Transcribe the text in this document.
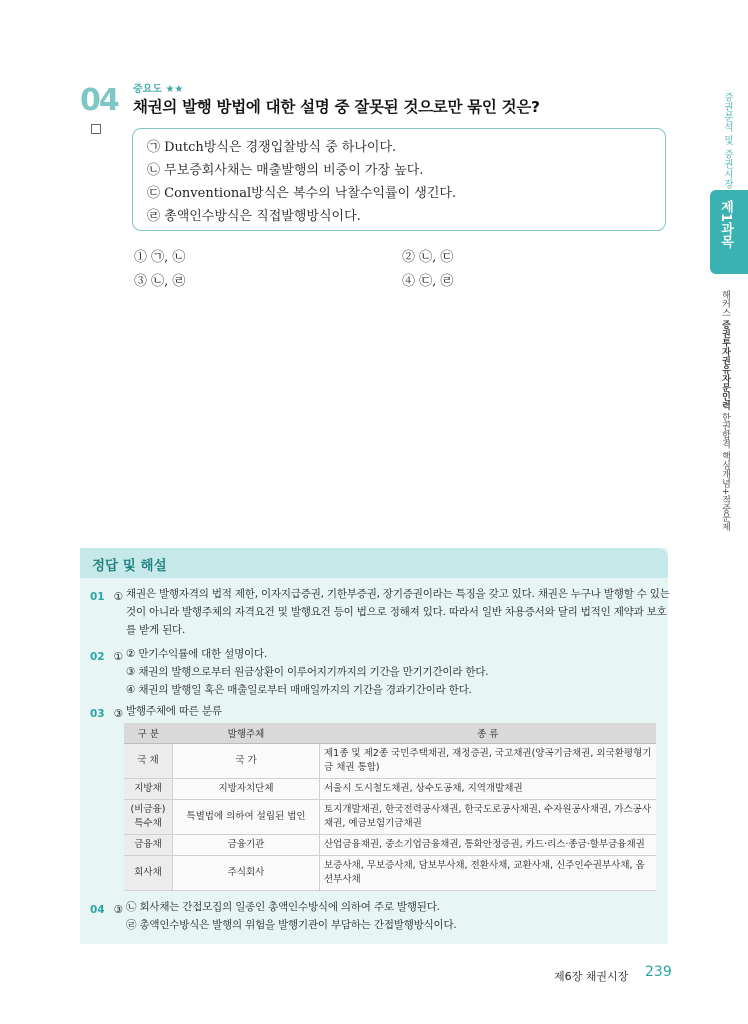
04 중요도 ★★
채권의 발행 방법에 대한 설명 중 잘못된 것으로만 묶인 것은?
㉠ Dutch방식은 경쟁입찰방식 중 하나이다.
㉡ 무보증회사채는 매출발행의 비중이 가장 높다.
㉢ Conventional방식은 복수의 낙찰수익률이 생긴다.
㉣ 총액인수방식은 직접발행방식이다.
① ㉠, ㉡	② ㉡, ㉢
③ ㉡, ㉣	④ ㉢, ㉣
증권분석 및 증권시장
제1과목
해커스 증권투자권유자문인력 한권합격 핵심개념+적중문제
정답 및 해설
01 ① 채권은 발행자격의 법적 제한, 이자지급증권, 기한부증권, 장기증권이라는 특징을 갖고 있다. 채권은 누구나 발행할 수 있는
것이 아니라 발행주체의 자격요건 및 발행요건 등이 법으로 정해져 있다. 따라서 일반 차용증서와 달리 법적인 제약과 보호
를 받게 된다.
02 ① ② 만기수익률에 대한 설명이다.
③ 채권의 발행으로부터 원금상환이 이루어지기까지의 기간을 만기기간이라 한다.
④ 채권의 발행일 혹은 매출일로부터 매매일까지의 기간을 경과기간이라 한다.
03 ③ 발행주체에 따른 분류
구 분	발행주체	종 류
국 채	국 가	제1종 및 제2종 국민주택채권, 재정증권, 국고채권(양곡기금채권, 외국환평형기금 채권 통합)
지방채	지방자치단체	서울시 도시철도채권, 상수도공채, 지역개발채권
(비금융) 특수채	특별법에 의하여 설립된 법인	토지개발채권, 한국전력공사채권, 한국도로공사채권, 수자원공사채권, 가스공사채권, 예금보험기금채권
금융채	금융기관	산업금융채권, 중소기업금융채권, 통화안정증권, 카드·리스·종금·할부금융채권
회사채	주식회사	보증사채, 무보증사채, 담보부사채, 전환사채, 교환사채, 신주인수권부사채, 옵션부사채
04 ③ ㉡ 회사채는 간접모집의 일종인 총액인수방식에 의하여 주로 발행된다.
㉣ 총액인수방식은 발행의 위험을 발행기관이 부담하는 간접발행방식이다.
제6장 채권시장 239
